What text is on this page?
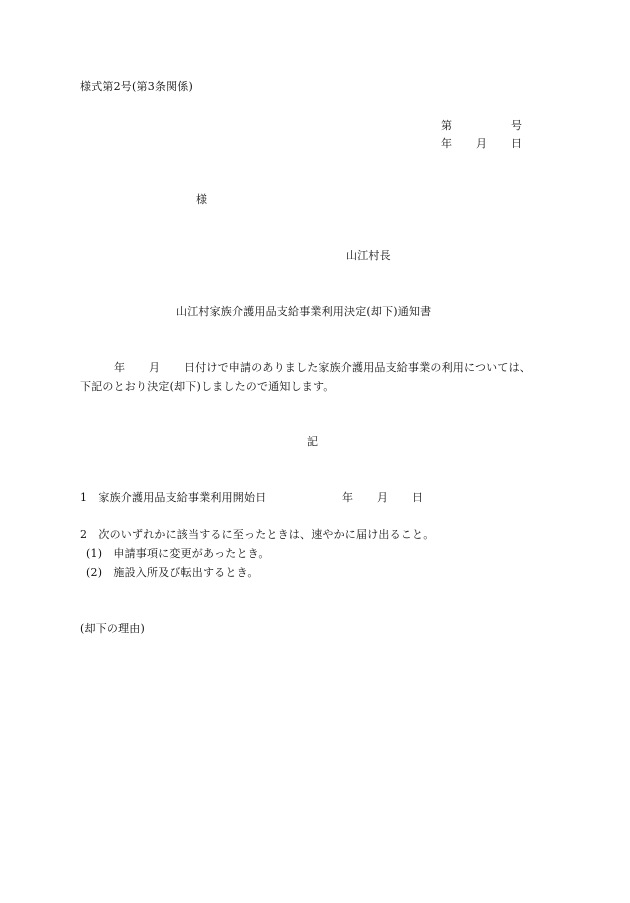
様式第2号(第3条関係)
第	号
年 月 日
様
山江村長
山江村家族介護用品支給事業利用決定(却下)通知書
年 月 日付けで申請のありました家族介護用品支給事業の利用については、
下記のとおり決定(却下)しましたので通知します。
記
1　家族介護用品支給事業利用開始日	年 月 日
2　次のいずれかに該当するに至ったときは、速やかに届け出ること。
(1)　申請事項に変更があったとき。
(2)　施設入所及び転出するとき。
(却下の理由)
